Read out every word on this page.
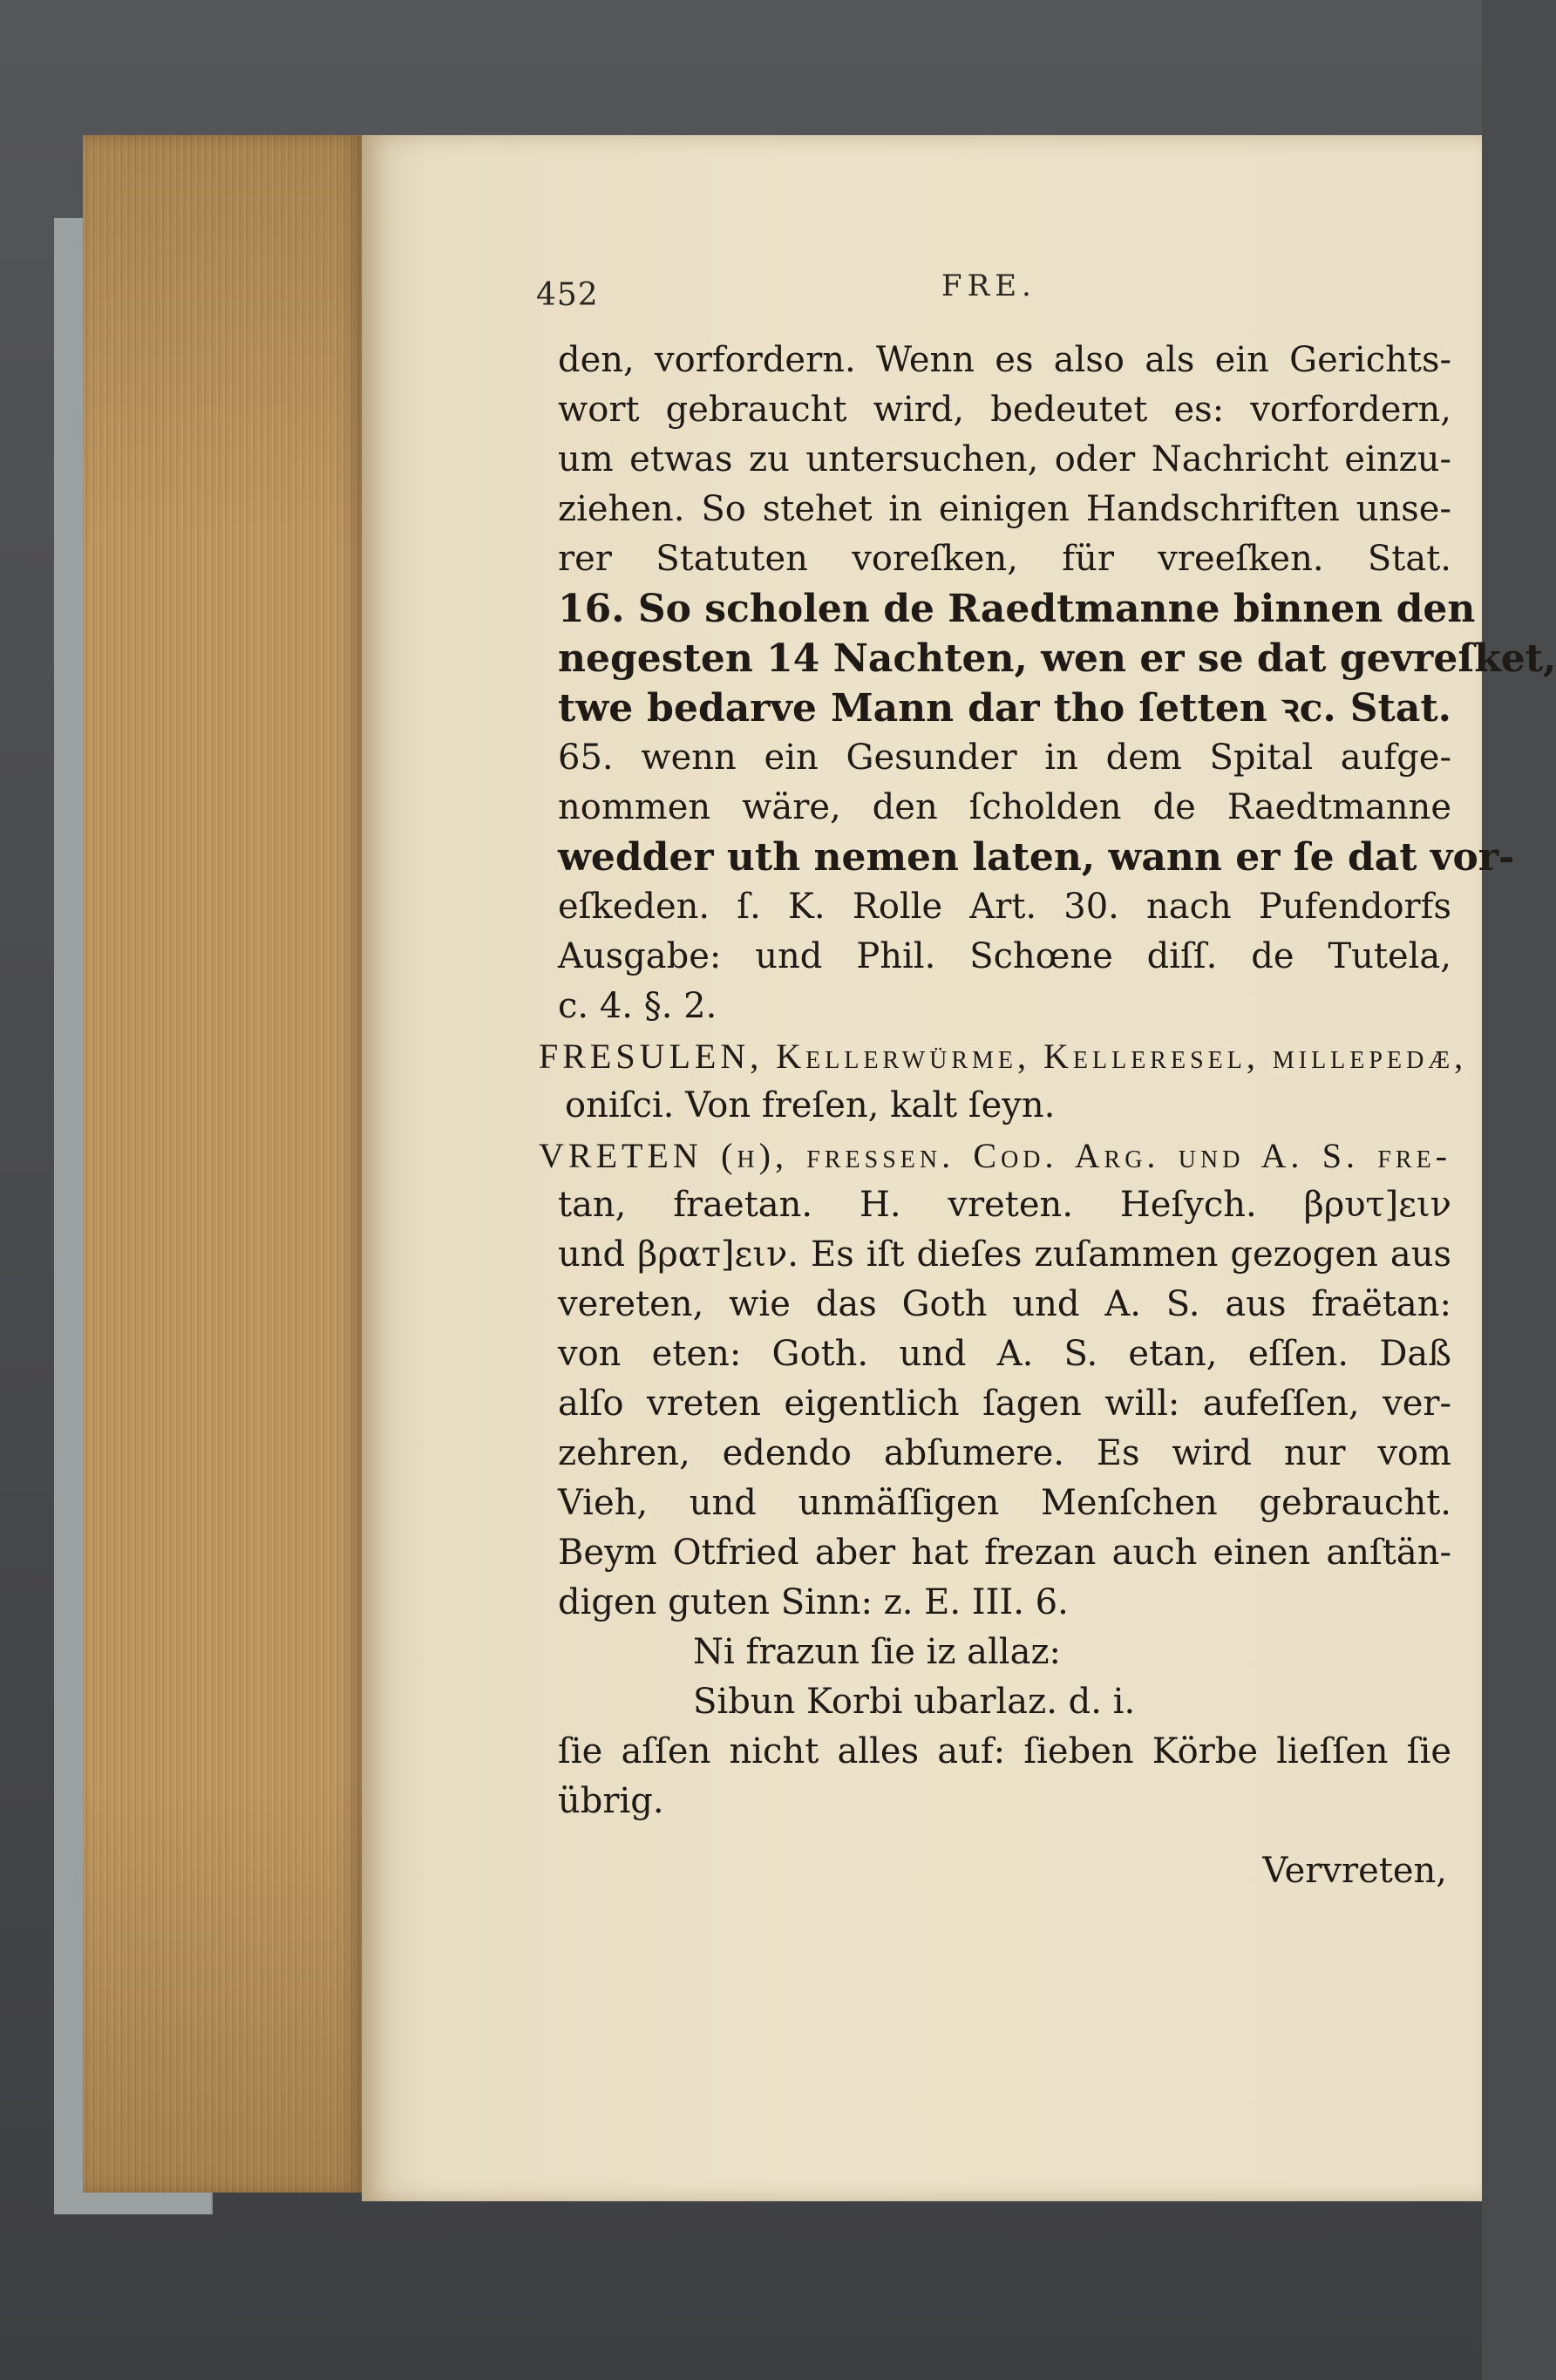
452	FRE.
den, vorfordern. Wenn es also als ein Gerichts-
wort gebraucht wird, bedeutet es: vorfordern,
um etwas zu untersuchen, oder Nachricht einzu-
ziehen. So stehet in einigen Handschriften unse-
rer Statuten voreſken, für vreeſken. Stat.
16. So scholen de Raedtmanne binnen den
negesten 14 Nachten, wen er se dat gevreſket,
twe bedarve Mann dar tho ſetten ꝛc. Stat.
65. wenn ein Gesunder in dem Spital aufge-
nommen wäre, den ſcholden de Raedtmanne
wedder uth nemen laten, wann er ſe dat vor-
eſkeden. ſ. K. Rolle Art. 30. nach Pufendorfs
Ausgabe: und Phil. Schœne diſſ. de Tutela,
c. 4. §. 2.
FRESULEN, Kellerwürme, Kelleresel, millepedæ,
oniſci. Von freſen, kalt ſeyn.
VRETEN (η), freſſen. Cod. Arg. und A. S. fre-
tan, fraetan. H. vreten. Heſych. βρυτ]ειν
und βραт]ειν. Es iſt dieſes zuſammen gezogen aus
vereten, wie das Goth und A. S. aus fraëtan:
von eten: Goth. und A. S. etan, eſſen. Daß
alſo vreten eigentlich ſagen will: aufeſſen, ver-
zehren, edendo abſumere. Es wird nur vom
Vieh, und unmäſſigen Menſchen gebraucht.
Beym Otfried aber hat frezan auch einen anſtän-
digen guten Sinn: z. E. III. 6.
Ni frazun ſie iz allaz:
Sibun Korbi ubarlaz. d. i.
ſie aſſen nicht alles auf: ſieben Körbe lieſſen ſie
übrig.
Vervreten,
